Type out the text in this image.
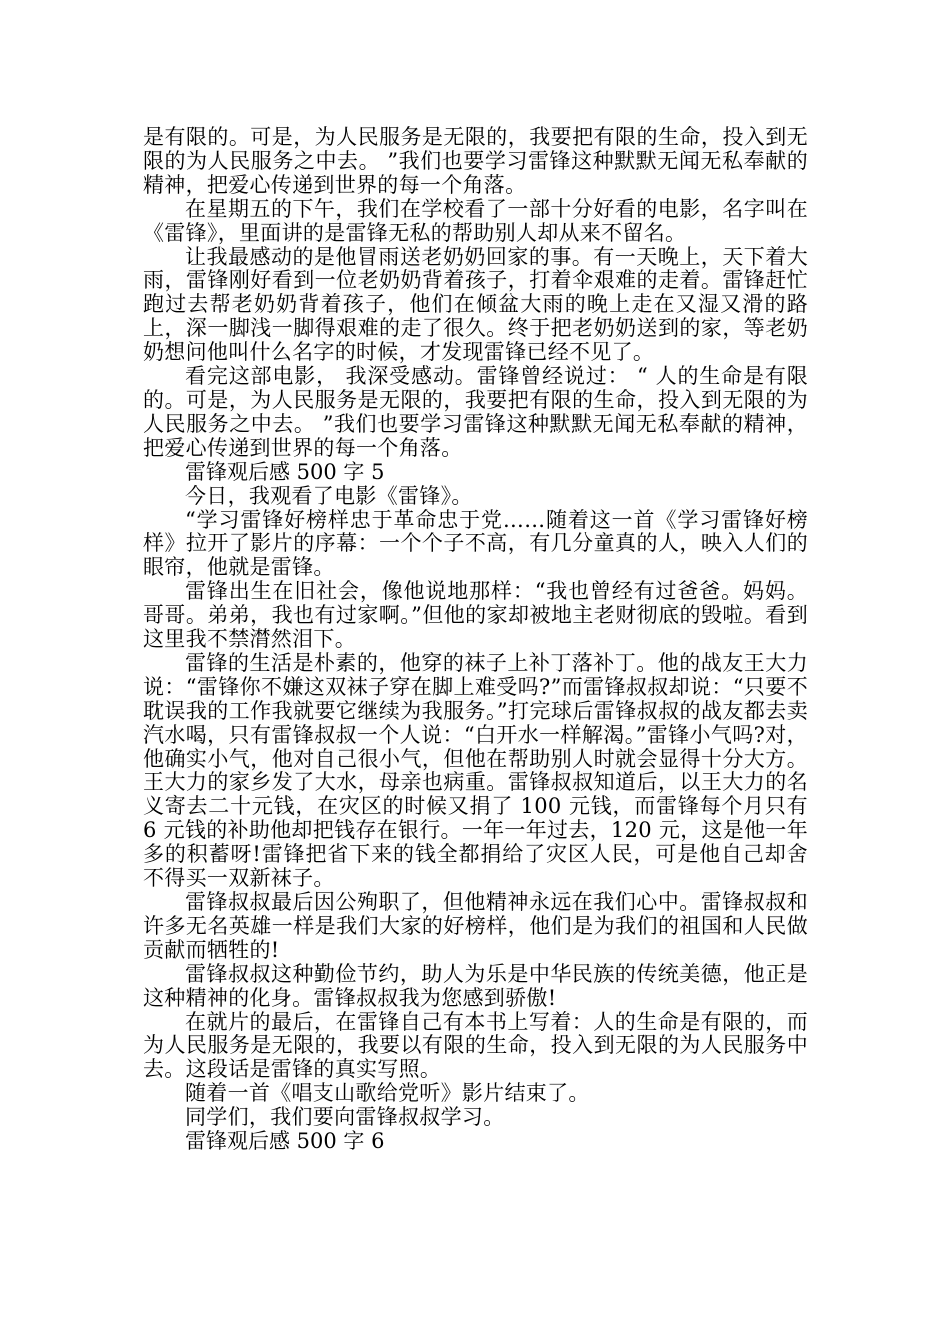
是有限的。可是，为人民服务是无限的，我要把有限的生命，投入到无限的为人民服务之中去。 ”我们也要学习雷锋这种默默无闻无私奉献的精神，把爱心传递到世界的每一个角落。

在星期五的下午，我们在学校看了一部十分好看的电影，名字叫在《雷锋》，里面讲的是雷锋无私的帮助别人却从来不留名。

让我最感动的是他冒雨送老奶奶回家的事。有一天晚上，天下着大雨，雷锋刚好看到一位老奶奶背着孩子，打着伞艰难的走着。雷锋赶忙跑过去帮老奶奶背着孩子，他们在倾盆大雨的晚上走在又湿又滑的路上，深一脚浅一脚得艰难的走了很久。终于把老奶奶送到的家，等老奶奶想问他叫什么名字的时候，才发现雷锋已经不见了。

看完这部电影， 我深受感动。雷锋曾经说过： “ 人的生命是有限的。可是，为人民服务是无限的，我要把有限的生命，投入到无限的为人民服务之中去。 ”我们也要学习雷锋这种默默无闻无私奉献的精神，把爱心传递到世界的每一个角落。

雷锋观后感 500 字 5

今日，我观看了电影《雷锋》。

“学习雷锋好榜样忠于革命忠于党……随着这一首《学习雷锋好榜样》拉开了影片的序幕：一个个子不高，有几分童真的人，映入人们的眼帘，他就是雷锋。

雷锋出生在旧社会，像他说地那样：“我也曾经有过爸爸。妈妈。哥哥。弟弟，我也有过家啊。”但他的家却被地主老财彻底的毁啦。看到这里我不禁潸然泪下。

雷锋的生活是朴素的，他穿的袜子上补丁落补丁。他的战友王大力说：“雷锋你不嫌这双袜子穿在脚上难受吗?”而雷锋叔叔却说：“只要不耽误我的工作我就要它继续为我服务。”打完球后雷锋叔叔的战友都去卖汽水喝，只有雷锋叔叔一个人说：“白开水一样解渴。”雷锋小气吗?对，他确实小气，他对自己很小气，但他在帮助别人时就会显得十分大方。王大力的家乡发了大水，母亲也病重。雷锋叔叔知道后，以王大力的名义寄去二十元钱，在灾区的时候又捐了 100 元钱，而雷锋每个月只有 6 元钱的补助他却把钱存在银行。一年一年过去，120 元，这是他一年多的积蓄呀!雷锋把省下来的钱全都捐给了灾区人民，可是他自己却舍不得买一双新袜子。

雷锋叔叔最后因公殉职了，但他精神永远在我们心中。雷锋叔叔和许多无名英雄一样是我们大家的好榜样，他们是为我们的祖国和人民做贡献而牺牲的!

雷锋叔叔这种勤俭节约，助人为乐是中华民族的传统美德，他正是这种精神的化身。雷锋叔叔我为您感到骄傲!

在就片的最后，在雷锋自己有本书上写着：人的生命是有限的，而为人民服务是无限的，我要以有限的生命，投入到无限的为人民服务中去。这段话是雷锋的真实写照。

随着一首《唱支山歌给党听》影片结束了。

同学们，我们要向雷锋叔叔学习。

雷锋观后感 500 字 6
